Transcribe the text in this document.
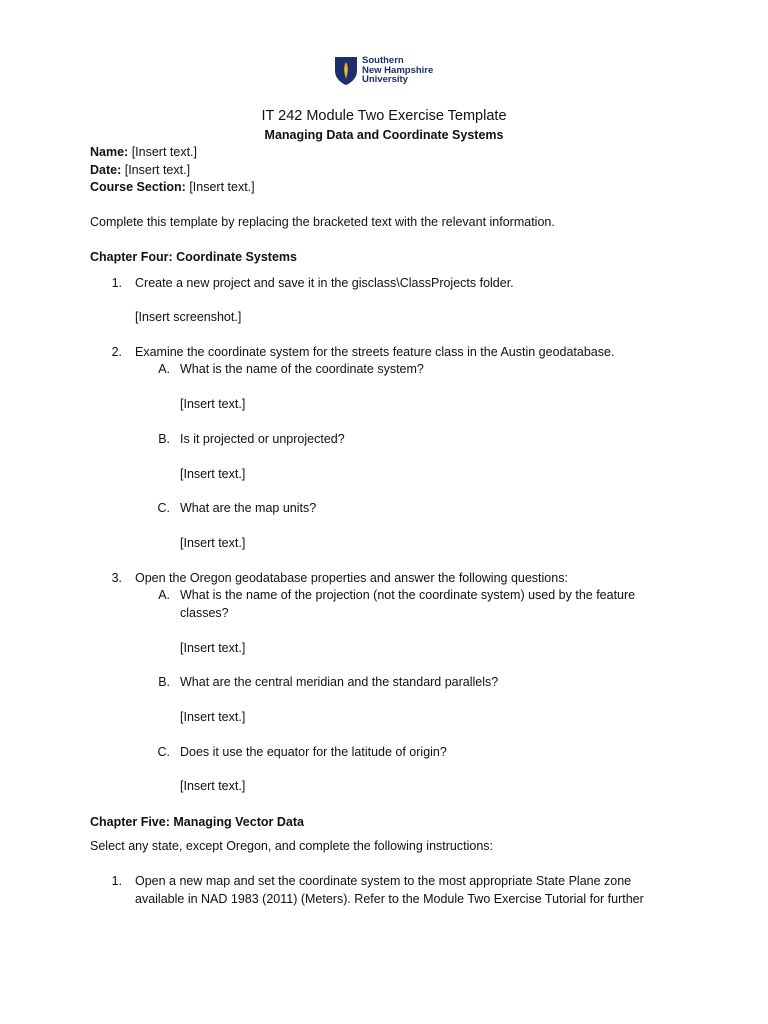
Southern
New Hampshire
University

IT 242 Module Two Exercise Template

Managing Data and Coordinate Systems

Name: [Insert text.]

Date: [Insert text.]

Course Section: [Insert text.]

Complete this template by replacing the bracketed text with the relevant information.

Chapter Four: Coordinate Systems

1. Create a new project and save it in the gisclass\ClassProjects folder.

[Insert screenshot.]

2. Examine the coordinate system for the streets feature class in the Austin geodatabase.

A. What is the name of the coordinate system?

[Insert text.]

B. Is it projected or unprojected?

[Insert text.]

C. What are the map units?

[Insert text.]

3. Open the Oregon geodatabase properties and answer the following questions:

A. What is the name of the projection (not the coordinate system) used by the feature

classes?

[Insert text.]

B. What are the central meridian and the standard parallels?

[Insert text.]

C. Does it use the equator for the latitude of origin?

[Insert text.]

Chapter Five: Managing Vector Data

Select any state, except Oregon, and complete the following instructions:

1. Open a new map and set the coordinate system to the most appropriate State Plane zone

available in NAD 1983 (2011) (Meters). Refer to the Module Two Exercise Tutorial for further
